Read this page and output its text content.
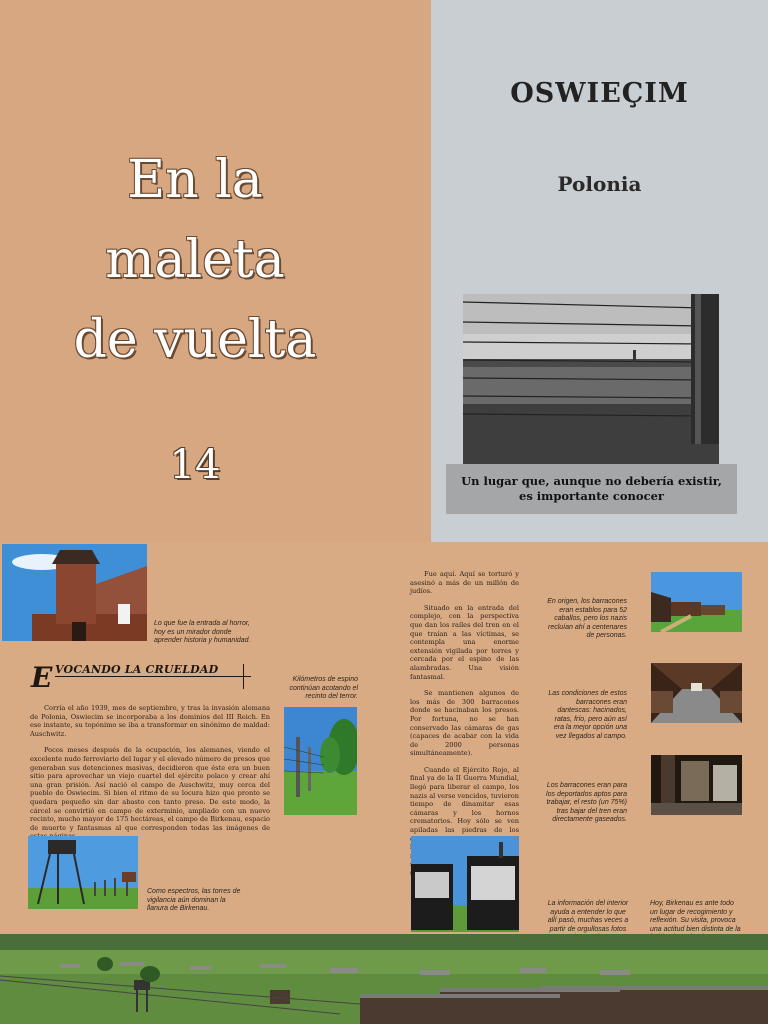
En la
maleta
de vuelta
14
OSWIEÇIM
Polonia
Un lugar que, aunque no debería existir, es importante conocer
Lo que fue la entrada al horror, hoy es un mirador donde aprender historia y humanidad.
E VOCANDO LA CRUELDAD

Corría el año 1939, mes de septiembre, y tras la invasión alemana de Polonia, Oswiecim se incorporaba a los dominios del III Reich. En ese instante, su topónimo se iba a transformar en sinónimo de maldad: Auschwitz.

Pocos meses después de la ocupación, los alemanes, viendo el excelente nudo ferroviario del lugar y el elevado número de presos que generaban sus detenciones masivas, decidieron que éste era un buen sitio para aprovechar un viejo cuartel del ejército polaco y crear ahí una gran prisión. Así nació el campo de Auschwitz, muy cerca del pueblo de Oswiecim. Si bien el ritmo de su locura hizo que pronto se quedara pequeño sin dar abasto con tanto preso. De este modo, la cárcel se convirtió en campo de exterminio, ampliado con un nuevo recinto, mucho mayor de 175 hectáreas, el campo de Birkenau, espacio de muerte y fantasmas al que corresponden todas las imágenes de

Kilómetros de espino continúan acotando el recinto del terror.
Como espectros, las torres de vigilancia aún dominan la llanura de Birkenau.

Fue aquí. Aquí se torturó y asesinó a más de un millón de judíos.

Situado en la entrada del complejo, con la perspectiva que dan los raíles del tren en el que traían a las víctimas, se contempla una enorme extensión vigilada por torres y cercada por el espino de las alambradas. Una visión fantasmal.

Se mantienen algunos de los más de 300 barracones donde se hacinaban los presos. Por fortuna, no se han conservado las cámaras de gas (capaces de acabar con la vida de 2000 personas simultáneamente).

Cuando el Ejército Rojo, al final ya de la II Guerra Mundial, llegó para liberar el campo, los nazis al verse vencidos, tuvieron tiempo de dinamitar esas cámaras y los hornos crematorios. Hoy sólo se ven apiladas las piedras de los

En origen, los barracones eran establos para 52 caballos, pero los nazis recluían ahí a centenares de personas.
Las condiciones de estos barracones eran dantescas: hacinados, ratas, frío, pero aún así era la mejor opción una vez llegados al campo.
Los barracones eran para los deportados aptos para trabajar, el resto (un 75%) tras bajar del tren eran directamente gaseados.
La información del interior ayuda a entender lo que allí pasó, muchas veces a partir de orgullosas fotos
Hoy, Birkenau es ante todo un lugar de recogimiento y reflexión. Su visita, provoca una actitud bien distinta de la
